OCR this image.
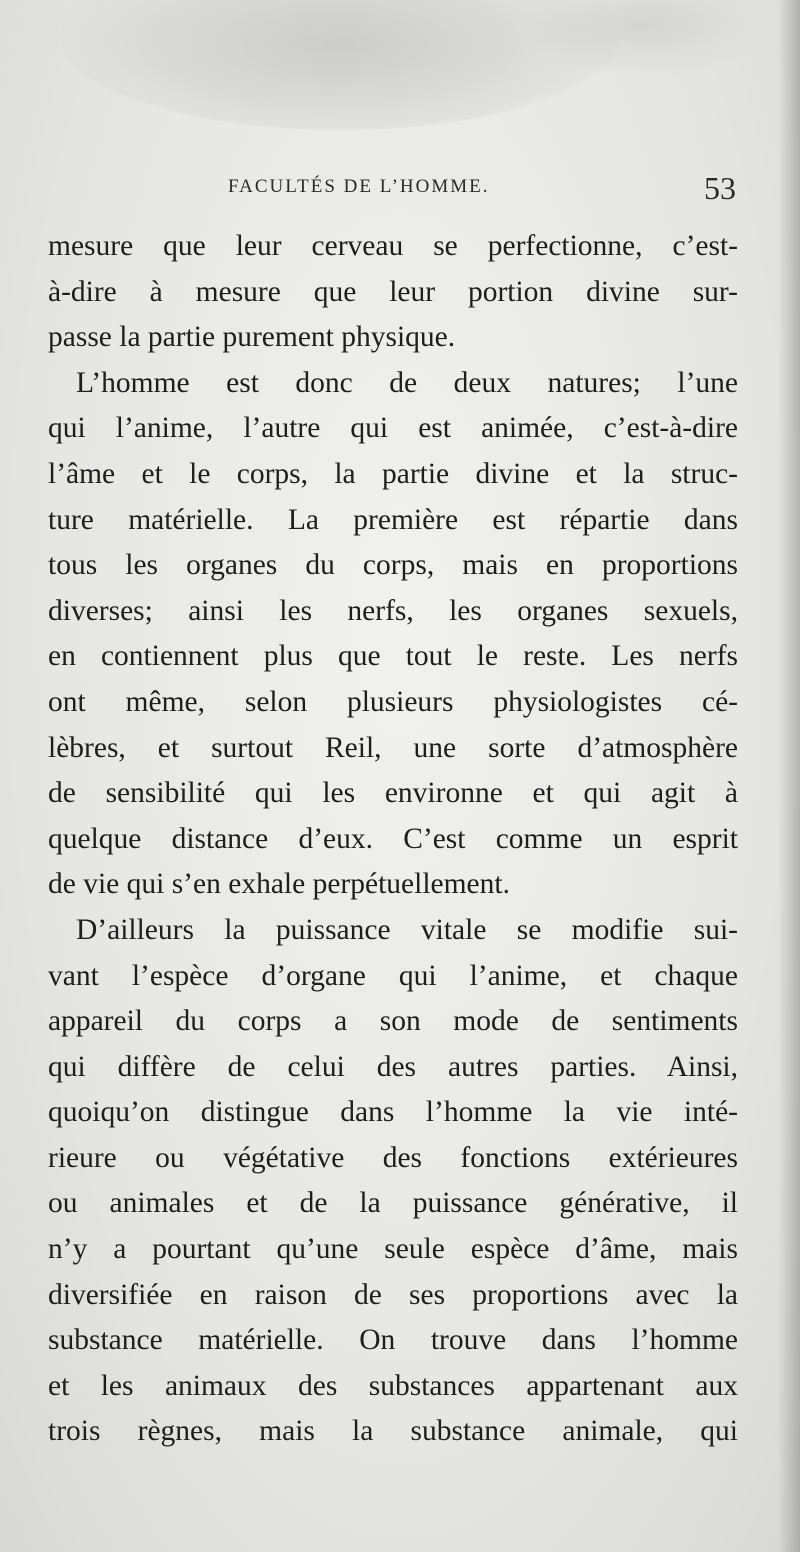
FACULTÉS DE L’HOMME.	53
mesure que leur cerveau se perfectionne, c’est-
à-dire à mesure que leur portion divine sur-
passe la partie purement physique.
L’homme est donc de deux natures; l’une
qui l’anime, l’autre qui est animée, c’est-à-dire
l’âme et le corps, la partie divine et la struc-
ture matérielle. La première est répartie dans
tous les organes du corps, mais en proportions
diverses; ainsi les nerfs, les organes sexuels,
en contiennent plus que tout le reste. Les nerfs
ont même, selon plusieurs physiologistes cé-
lèbres, et surtout Reil, une sorte d’atmosphère
de sensibilité qui les environne et qui agit à
quelque distance d’eux. C’est comme un esprit
de vie qui s’en exhale perpétuellement.
D’ailleurs la puissance vitale se modifie sui-
vant l’espèce d’organe qui l’anime, et chaque
appareil du corps a son mode de sentiments
qui diffère de celui des autres parties. Ainsi,
quoiqu’on distingue dans l’homme la vie inté-
rieure ou végétative des fonctions extérieures
ou animales et de la puissance générative, il
n’y a pourtant qu’une seule espèce d’âme, mais
diversifiée en raison de ses proportions avec la
substance matérielle. On trouve dans l’homme
et les animaux des substances appartenant aux
trois règnes, mais la substance animale, qui
